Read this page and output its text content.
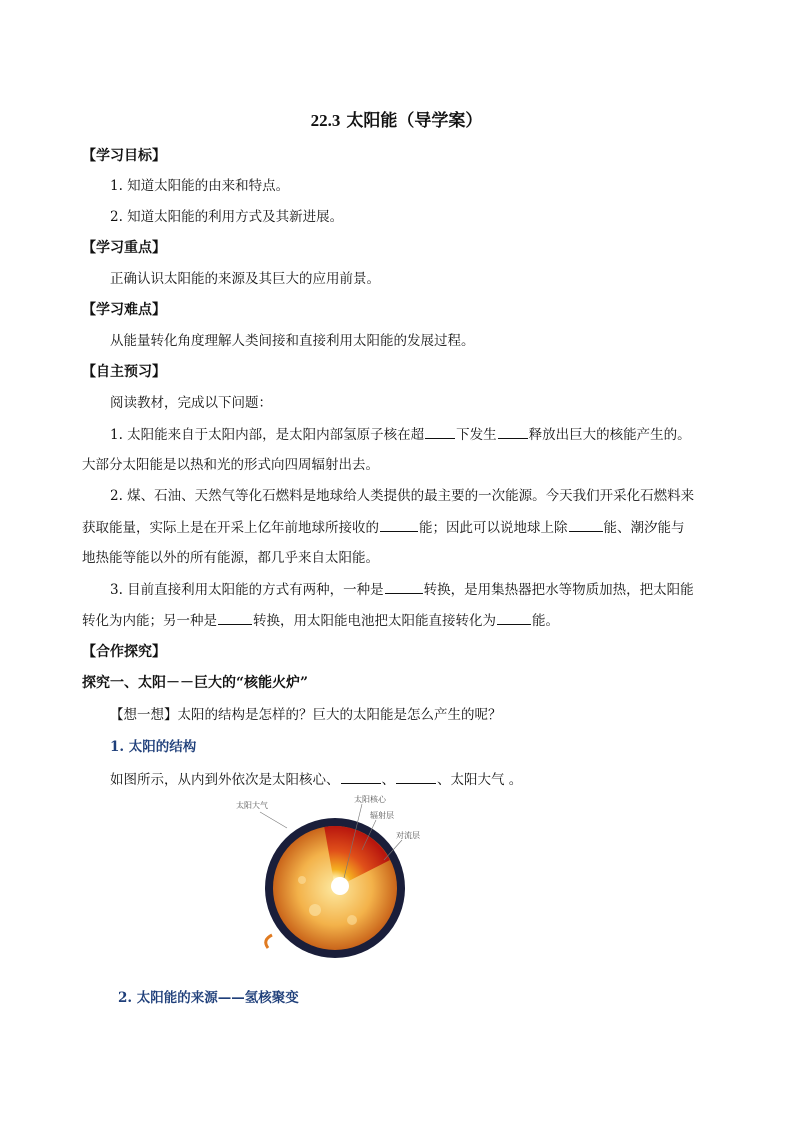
22.3 太阳能（导学案）
【学习目标】
1. 知道太阳能的由来和特点。
2. 知道太阳能的利用方式及其新进展。
【学习重点】
正确认识太阳能的来源及其巨大的应用前景。
【学习难点】
从能量转化角度理解人类间接和直接利用太阳能的发展过程。
【自主预习】
阅读教材，完成以下问题：
1. 太阳能来自于太阳内部，是太阳内部氢原子核在超 下发生 释放出巨大的核能产生的。
大部分太阳能是以热和光的形式向四周辐射出去。
2. 煤、石油、天然气等化石燃料是地球给人类提供的最主要的一次能源。今天我们开采化石燃料来
获取能量，实际上是在开采上亿年前地球所接收的	能；因此可以说地球上除	能、潮汐能与
地热能等能以外的所有能源，都几乎来自太阳能。
3. 目前直接利用太阳能的方式有两种，一种是	转换，是用集热器把水等物质加热，把太阳能
转化为内能；另一种是	转换，用太阳能电池把太阳能直接转化为	能。
【合作探究】
探究一、太阳－－巨大的“核能火炉”
【想一想】太阳的结构是怎样的？巨大的太阳能是怎么产生的呢？
1. 太阳的结构
如图所示，从内到外依次是太阳核心、	、	、太阳大气 。
太阳大气
太阳核心
辐射层
对流层
2. 太阳能的来源——氢核聚变
